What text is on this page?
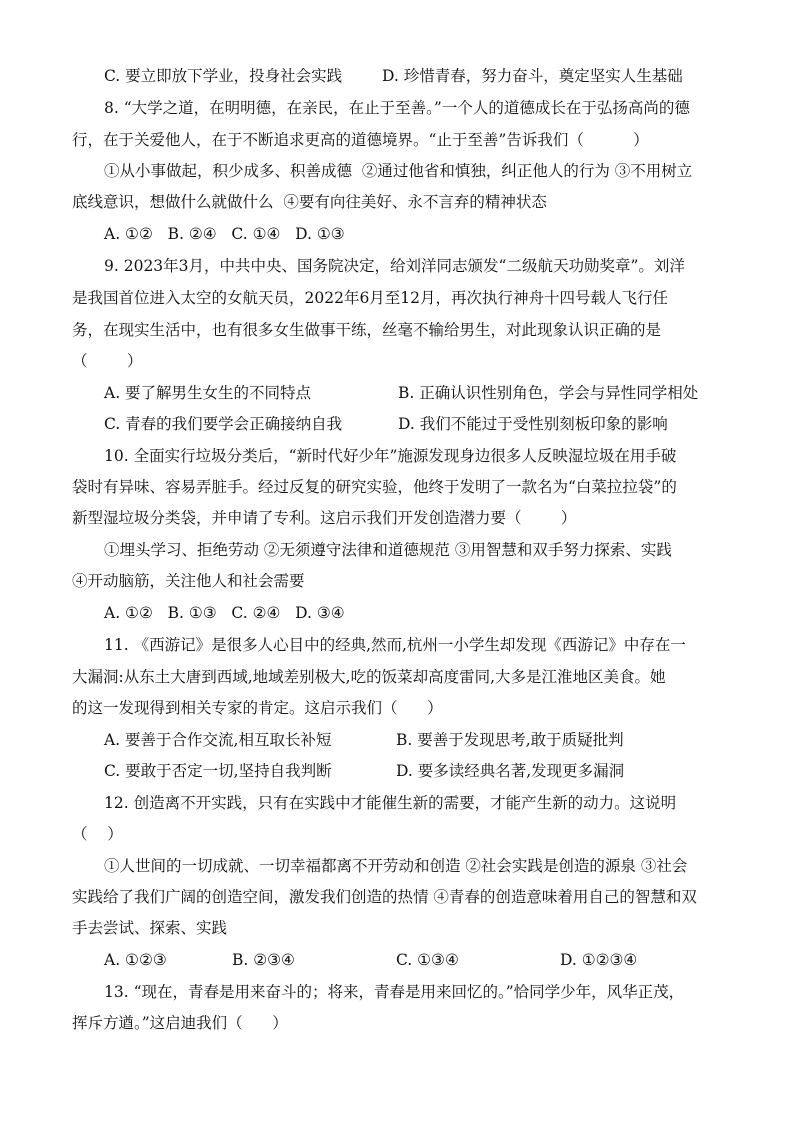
C. 要立即放下学业，投身社会实践	D. 珍惜青春，努力奋斗，奠定坚实人生基础
8. “大学之道，在明明德，在亲民，在止于至善。”一个人的道德成长在于弘扬高尚的德
行，在于关爱他人，在于不断追求更高的道德境界。“止于至善”告诉我们（          ）
①从小事做起，积少成多、积善成德  ②通过他省和慎独，纠正他人的行为 ③不用树立
底线意识，想做什么就做什么  ④要有向往美好、永不言弃的精神状态
A. ①②   B. ②④   C. ①④   D. ①③
9. 2023年3月，中共中央、国务院决定，给刘洋同志颁发“二级航天功勋奖章”。刘洋
是我国首位进入太空的女航天员，2022年6月至12月，再次执行神舟十四号载人飞行任
务，在现实生活中，也有很多女生做事干练，丝毫不输给男生，对此现象认识正确的是
（        ）
A. 要了解男生女生的不同特点	B. 正确认识性别角色，学会与异性同学相处
C. 青春的我们要学会正确接纳自我	D. 我们不能过于受性别刻板印象的影响
10. 全面实行垃圾分类后，“新时代好少年”施源发现身边很多人反映湿垃圾在用手破
袋时有异味、容易弄脏手。经过反复的研究实验，他终于发明了一款名为“白菜拉拉袋”的
新型湿垃圾分类袋，并申请了专利。这启示我们开发创造潜力要（        ）
①埋头学习、拒绝劳动 ②无须遵守法律和道德规范 ③用智慧和双手努力探索、实践
④开动脑筋，关注他人和社会需要
A. ①②   B. ①③   C. ②④   D. ③④
11. 《西游记》是很多人心目中的经典,然而,杭州一小学生却发现《西游记》中存在一
大漏洞:从东土大唐到西域,地域差别极大,吃的饭菜却高度雷同,大多是江淮地区美食。她
的这一发现得到相关专家的肯定。这启示我们（      ）
A. 要善于合作交流,相互取长补短	B. 要善于发现思考,敢于质疑批判
C. 要敢于否定一切,坚持自我判断	D. 要多读经典名著,发现更多漏洞
12. 创造离不开实践，只有在实践中才能催生新的需要，才能产生新的动力。这说明
（    ）
①人世间的一切成就、一切幸福都离不开劳动和创造 ②社会实践是创造的源泉 ③社会
实践给了我们广阔的创造空间，激发我们创造的热情 ④青春的创造意味着用自己的智慧和双
手去尝试、探索、实践
A. ①②③	B. ②③④	C. ①③④	D. ①②③④
13. “现在，青春是用来奋斗的；将来，青春是用来回忆的。”恰同学少年，风华正茂，
挥斥方遒。”这启迪我们（      ）
